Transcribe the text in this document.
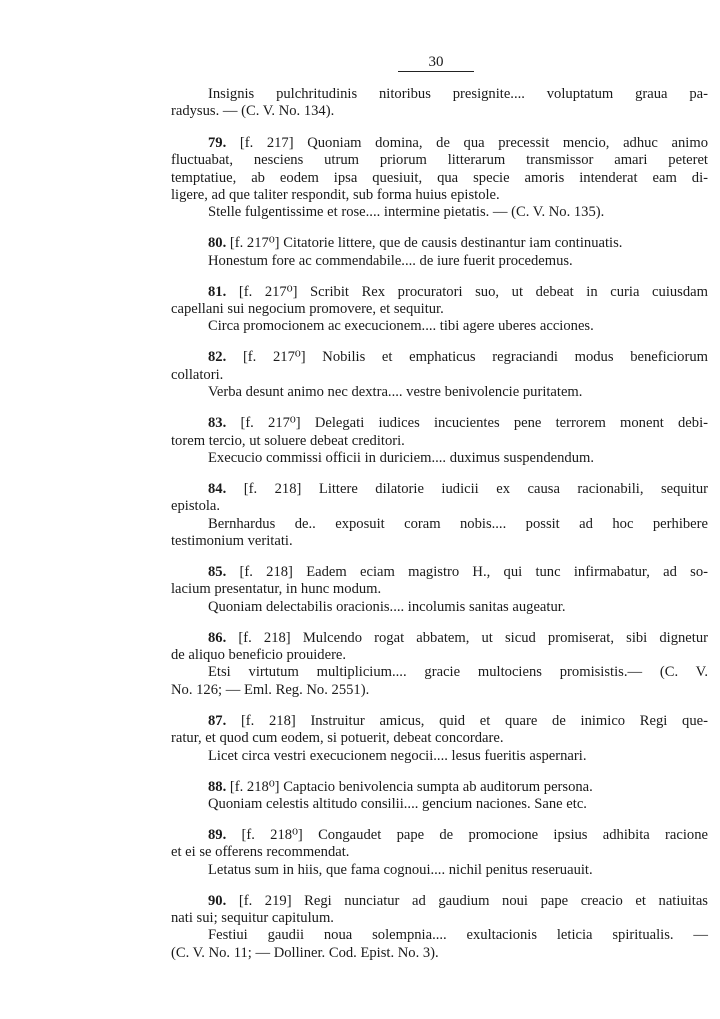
30
Insignis pulchritudinis nitoribus presignite.... voluptatum graua pa-
radysus. — (C. V. No. 134).
79. [f. 217] Quoniam domina, de qua precessit mencio, adhuc animo
fluctuabat, nesciens utrum priorum litterarum transmissor amari peteret
temptatiue, ab eodem ipsa quesiuit, qua specie amoris intenderat eam di-
ligere, ad que taliter respondit, sub forma huius epistole.
Stelle fulgentissime et rose.... intermine pietatis. — (C. V. No. 135).
80. [f. 217⁰] Citatorie littere, que de causis destinantur iam continuatis.
Honestum fore ac commendabile.... de iure fuerit procedemus.
81. [f. 217⁰] Scribit Rex procuratori suo, ut debeat in curia cuiusdam
capellani sui negocium promovere, et sequitur.
Circa promocionem ac execucionem.... tibi agere uberes acciones.
82. [f. 217⁰] Nobilis et emphaticus regraciandi modus beneficiorum
collatori.
Verba desunt animo nec dextra.... vestre benivolencie puritatem.
83. [f. 217⁰] Delegati iudices incucientes pene terrorem monent debi-
torem tercio, ut soluere debeat creditori.
Execucio commissi officii in duriciem.... duximus suspendendum.
84. [f. 218] Littere dilatorie iudicii ex causa racionabili, sequitur
epistola.
Bernhardus de.. exposuit coram nobis.... possit ad hoc perhibere
testimonium veritati.
85. [f. 218] Eadem eciam magistro H., qui tunc infirmabatur, ad so-
lacium presentatur, in hunc modum.
Quoniam delectabilis oracionis.... incolumis sanitas augeatur.
86. [f. 218] Mulcendo rogat abbatem, ut sicud promiserat, sibi dignetur
de aliquo beneficio prouidere.
Etsi virtutum multiplicium.... gracie multociens promisistis.— (C. V.
No. 126; — Eml. Reg. No. 2551).
87. [f. 218] Instruitur amicus, quid et quare de inimico Regi que-
ratur, et quod cum eodem, si potuerit, debeat concordare.
Licet circa vestri execucionem negocii.... lesus fueritis aspernari.
88. [f. 218⁰] Captacio benivolencia sumpta ab auditorum persona.
Quoniam celestis altitudo consilii.... gencium naciones. Sane etc.
89. [f. 218⁰] Congaudet pape de promocione ipsius adhibita racione
et ei se offerens recommendat.
Letatus sum in hiis, que fama cognoui.... nichil penitus reseruauit.
90. [f. 219] Regi nunciatur ad gaudium noui pape creacio et natiuitas
nati sui; sequitur capitulum.
Festiui gaudii noua solempnia.... exultacionis leticia spiritualis. —
(C. V. No. 11; — Dolliner. Cod. Epist. No. 3).
